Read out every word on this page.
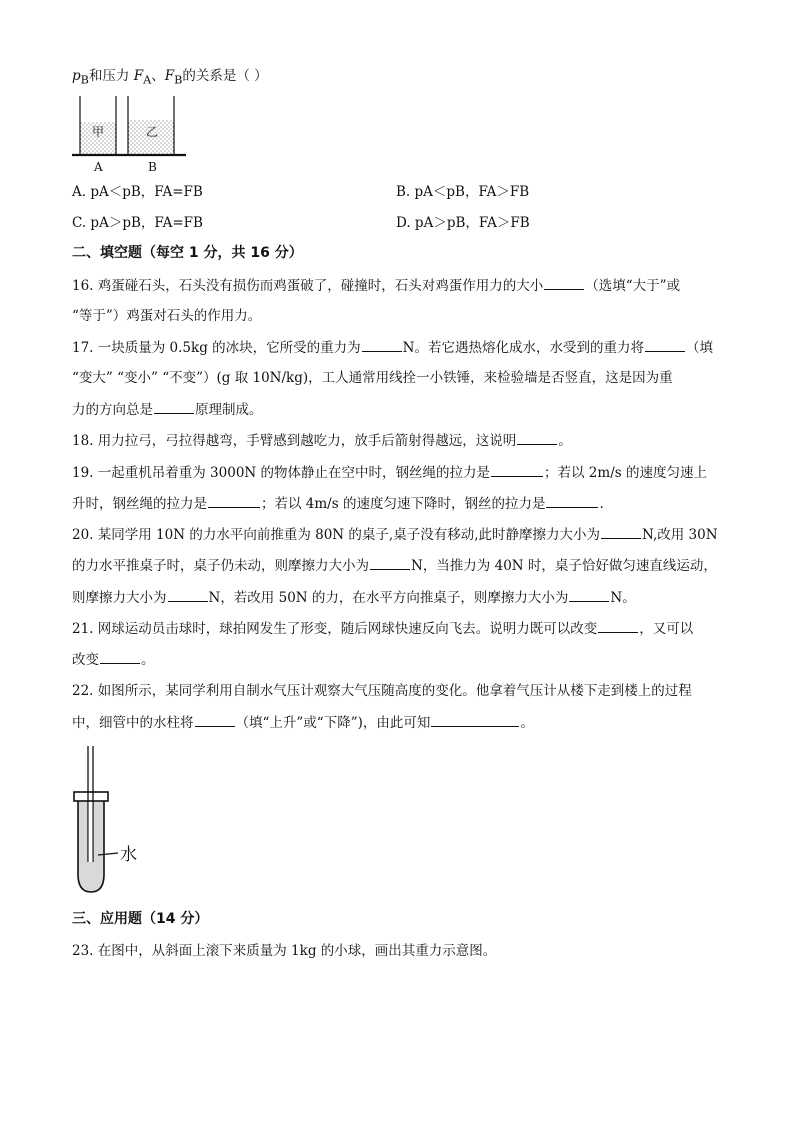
$p_B$和压力 $F_A$、$F_B$的关系是（ ）
甲	乙
A	B
A. pA＜pB，FA=FB	B. pA＜pB，FA＞FB
C. pA＞pB，FA=FB	D. pA＞pB，FA＞FB
二、填空题（每空 1 分，共 16 分）
16. 鸡蛋碰石头，石头没有损伤而鸡蛋破了，碰撞时，石头对鸡蛋作用力的大小	（选填“大于”或
“等于”）鸡蛋对石头的作用力。
17. 一块质量为 0.5kg 的冰块，它所受的重力为	N。若它遇热熔化成水，水受到的重力将	（填
“变大” “变小” “不变”）(g 取 10N/kg)，工人通常用线拴一小铁锤，来检验墙是否竖直，这是因为重
力的方向总是	原理制成。
18. 用力拉弓，弓拉得越弯，手臂感到越吃力，放手后箭射得越远，这说明	。
19. 一起重机吊着重为 3000N 的物体静止在空中时，钢丝绳的拉力是	；若以 2m/s 的速度匀速上
升时，钢丝绳的拉力是	；若以 4m/s 的速度匀速下降时，钢丝的拉力是	.
20. 某同学用 10N 的力水平向前推重为 80N 的桌子,桌子没有移动,此时静摩擦力大小为	N,改用 30N
的力水平推桌子时，桌子仍未动，则摩擦力大小为	N，当推力为 40N 时，桌子恰好做匀速直线运动，
则摩擦力大小为	N，若改用 50N 的力，在水平方向推桌子，则摩擦力大小为	N。
21. 网球运动员击球时，球拍网发生了形变，随后网球快速反向飞去。说明力既可以改变	，又可以
改变	。
22. 如图所示，某同学利用自制水气压计观察大气压随高度的变化。他拿着气压计从楼下走到楼上的过程
中，细管中的水柱将	（填“上升”或“下降”)，由此可知	。
水
三、应用题（14 分）
23. 在图中，从斜面上滚下来质量为 1kg 的小球，画出其重力示意图。
